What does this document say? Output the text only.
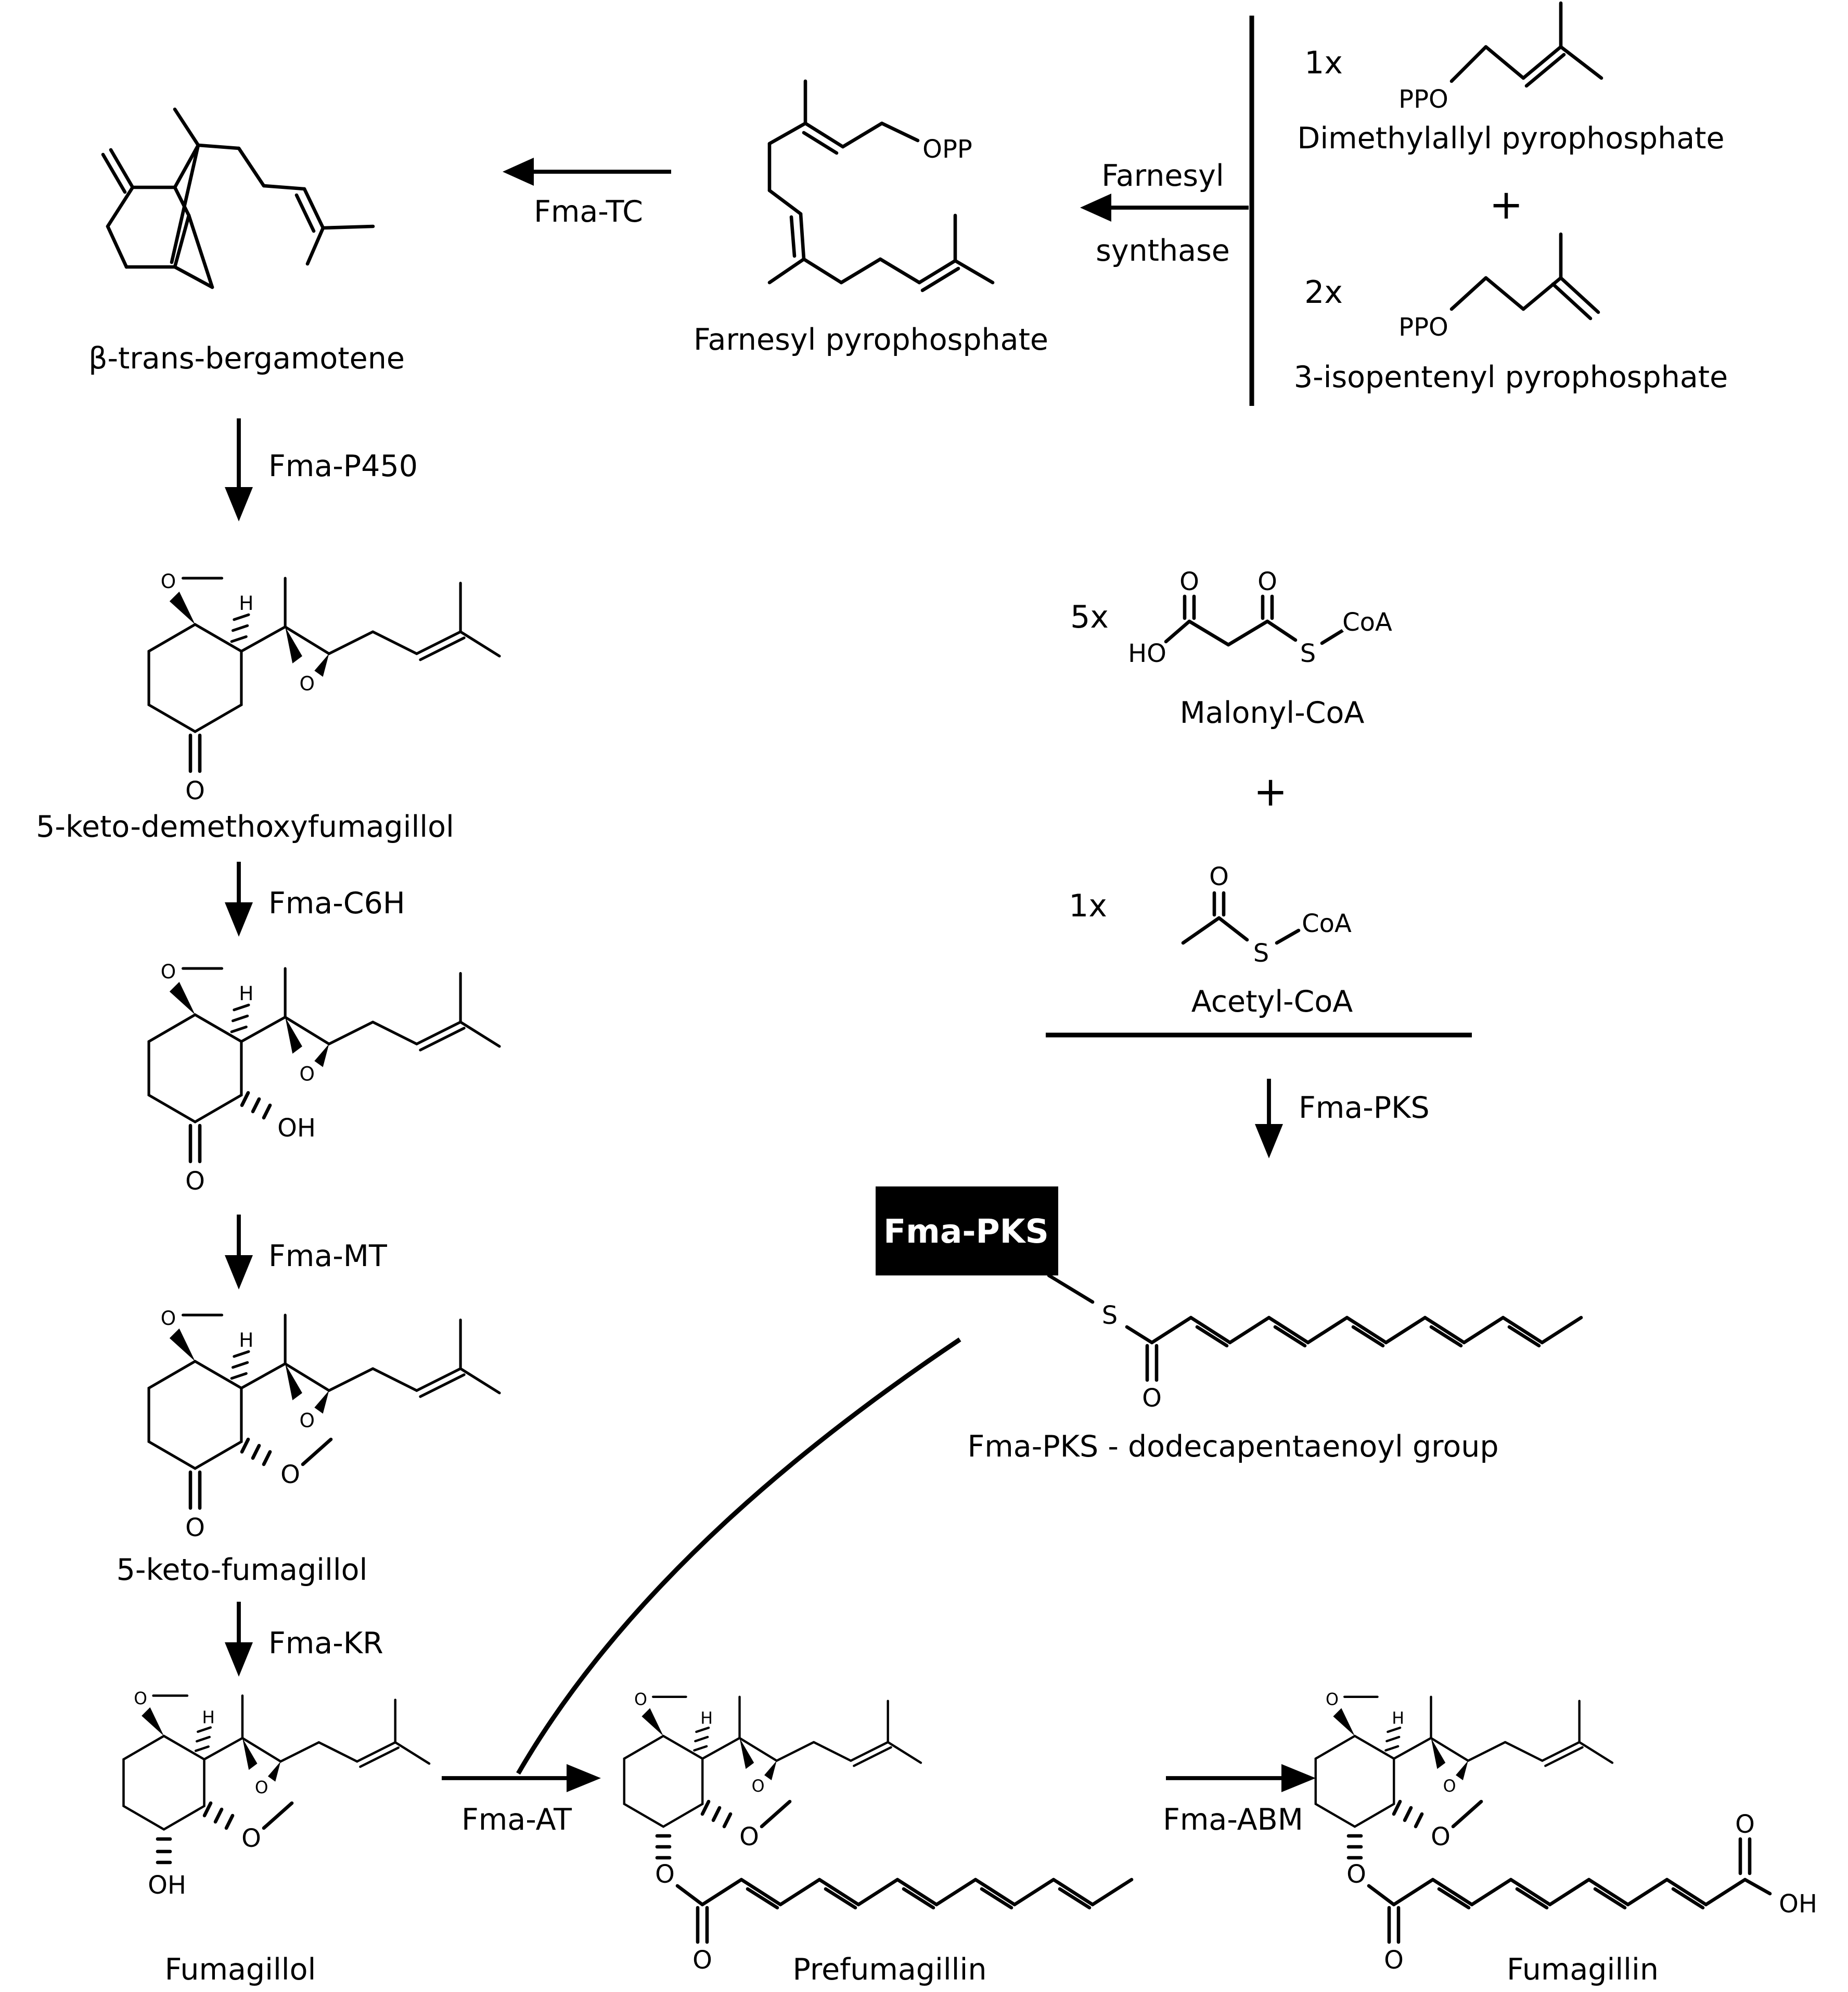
O	1x
PPO
Dimethylallyl pyrophosphate
+
2x
PPO
3-isopentenyl pyrophosphate
Farnesyl
synthase
OPP
Farnesyl pyrophosphate
Fma-TC
β-trans-bergamotene
Fma-P450
O
5-keto-demethoxyfumagillol
Fma-C6H
O
OH
Fma-MT
O
O
5-keto-fumagillol
Fma-KR
OH
O
Fumagillol
5x
HO
O	O
S
CoA
Malonyl-CoA
+
1x
O
S
CoA
Acetyl-CoA
Fma-PKS
Fma-PKS
S
O
Fma-PKS - dodecapentaenoyl group
Fma-AT
O
O
O
Prefumagillin
Fma-ABM
O
O
O
OH
O
Fumagillin
